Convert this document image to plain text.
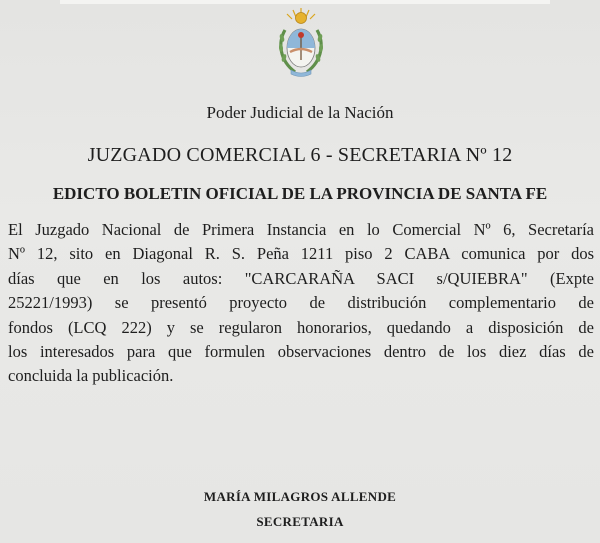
Poder Judicial de la Nación
JUZGADO COMERCIAL 6 - SECRETARIA Nº 12
EDICTO BOLETIN OFICIAL DE LA PROVINCIA DE SANTA FE
El Juzgado Nacional de Primera Instancia en lo Comercial Nº 6, Secretaría
Nº 12, sito en Diagonal R. S. Peña 1211 piso 2 CABA comunica por dos
días que en los autos: "CARCARAÑA SACI s/QUIEBRA" (Expte
25221/1993) se presentó proyecto de distribución complementario de
fondos (LCQ 222) y se regularon honorarios, quedando a disposición de
los interesados para que formulen observaciones dentro de los diez días de
concluida la publicación.
MARÍA MILAGROS ALLENDE
SECRETARIA
